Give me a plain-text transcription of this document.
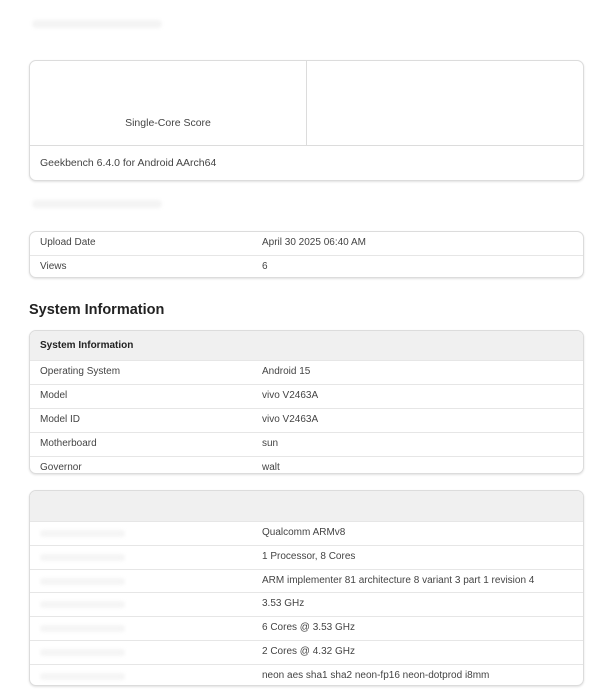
Single-Core Score
Geekbench 6.4.0 for Android AArch64
Upload Date	April 30 2025 06:40 AM
Views	6
System Information
System Information
Operating System	Android 15
Model	vivo V2463A
Model ID	vivo V2463A
Motherboard	sun
Governor	walt
Qualcomm ARMv8
1 Processor, 8 Cores
ARM implementer 81 architecture 8 variant 3 part 1 revision 4
3.53 GHz
6 Cores @ 3.53 GHz
2 Cores @ 4.32 GHz
neon aes sha1 sha2 neon-fp16 neon-dotprod i8mm
